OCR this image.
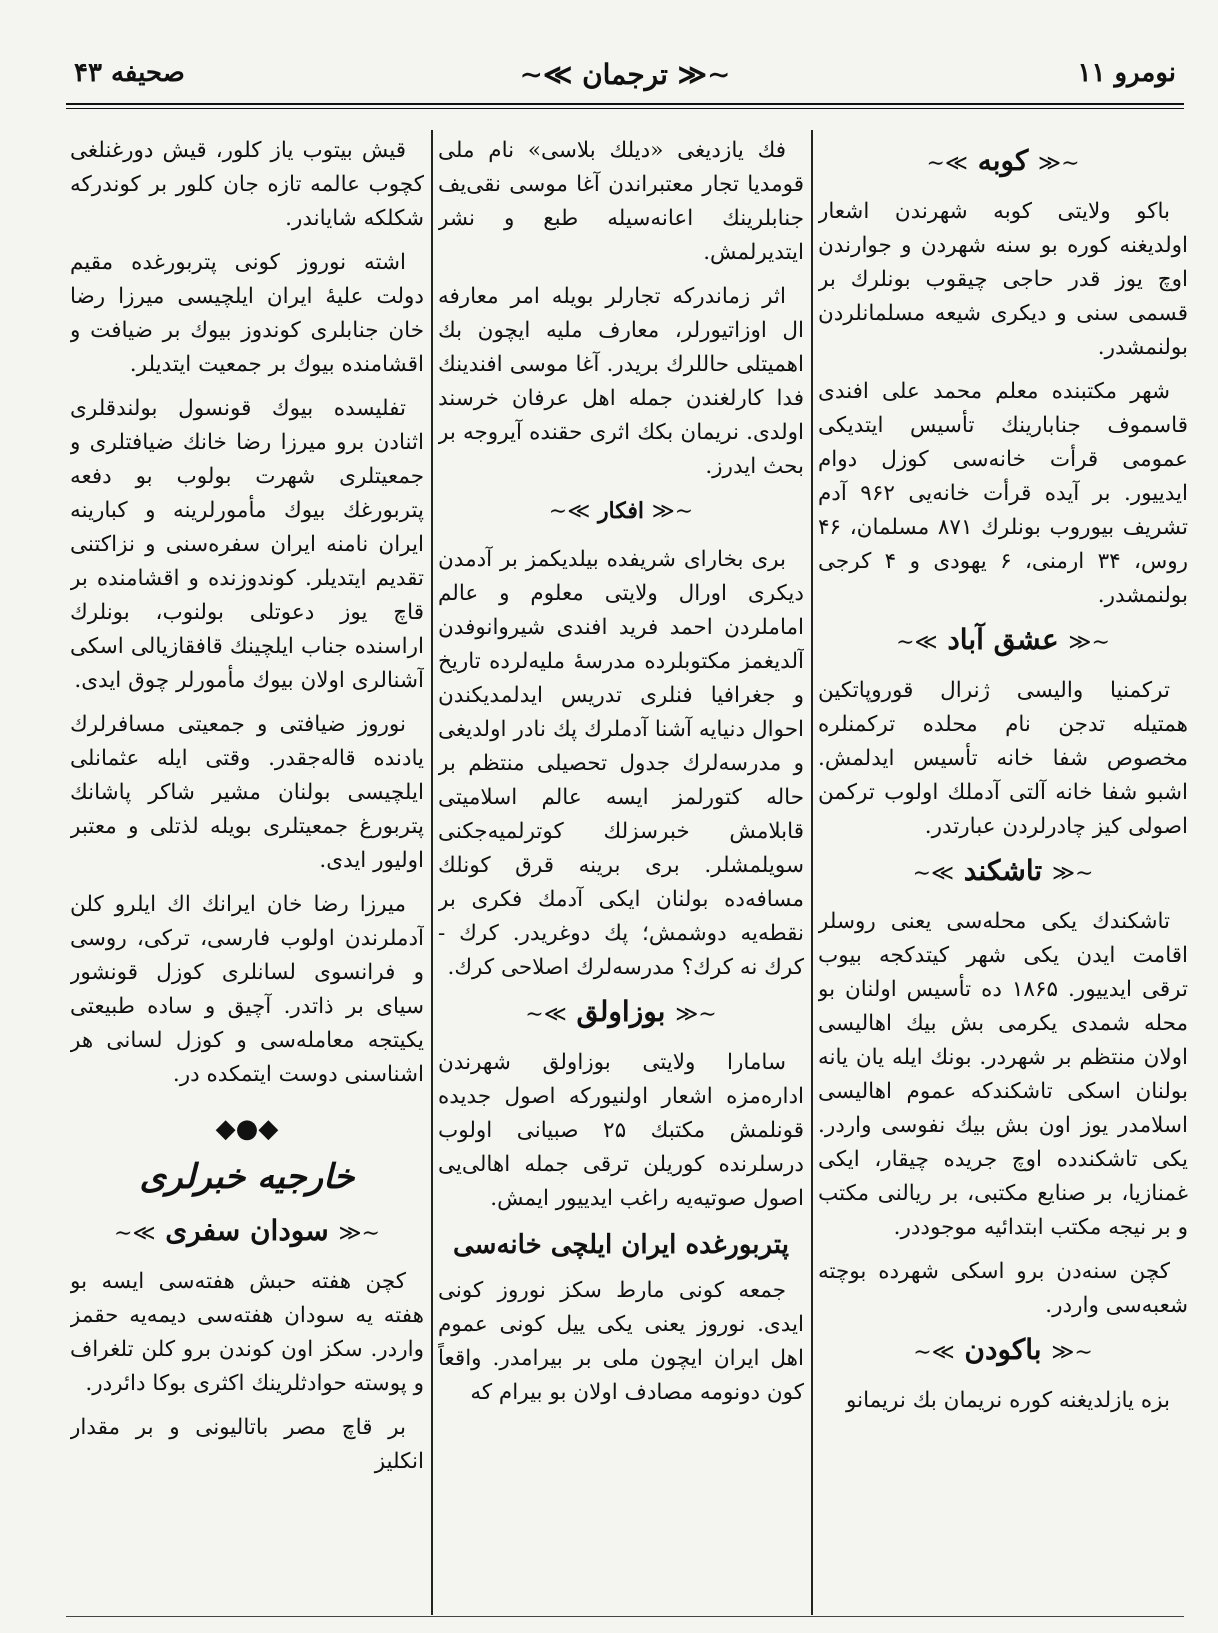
نومرو ۱۱
∽≪ ترجمان ≫∽
صحیفه ۴۳
∽≪ کوبه ≫∽

باکو ولایتی کوبه شهرندن اشعار اولدیغنه کوره بو سنه شهردن و جوارندن اوچ یوز قدر حاجی چیقوب بونلرك بر قسمی سنی و دیکری شیعه مسلمانلردن بولنمشدر.

شهر مکتبنده معلم محمد علی افندی قاسموف جنابارینك تأسیس ایتدیکی عمومی قرأت خانه‌سی کوزل دوام ایدییور. بر آیده قرأت خانه‌یی ۹۶۲ آدم تشریف بیوروب بونلرك ۸۷۱ مسلمان، ۴۶ روس، ۳۴ ارمنی، ۶ یهودی و ۴ کرجی بولنمشدر.

∽≪ عشق آباد ≫∽

ترکمنیا والیسی ژنرال قوروپاتکین همتیله تدجن نام محلده ترکمنلره مخصوص شفا خانه تأسیس ایدلمش. اشبو شفا خانه آلتی آدملك اولوب ترکمن اصولی کیز چادرلردن عبارتدر.

∽≪ تاشکند ≫∽

تاشکندك یکی محله‌سی یعنی روسلر اقامت ایدن یکی شهر کیتدکجه بیوب ترقی ایدییور. ۱۸۶۵ ده تأسیس اولنان بو محله شمدی یکرمی بش بیك اهالیسی اولان منتظم بر شهردر. بونك ایله یان یانه بولنان اسکی تاشکندکه عموم اهالیسی اسلامدر یوز اون بش بیك نفوسی واردر. یکی تاشکندده اوچ جریده چیقار، ایکی غمنازیا، بر صنایع مکتبی، بر ریالنی مکتب و بر نیجه مکتب ابتدائیه موجوددر.

کچن سنه‌دن برو اسکی شهرده بوچته شعبه‌سی واردر.

∽≪ باکودن ≫∽

بزه یازلدیغنه کوره نریمان بك نریمانو

فك یازدیغی «دیلك بلاسی» نام ملی قومدیا تجار معتبراندن آغا موسی نقی‌یف جنابلرینك اعانه‌سیله طبع و نشر ایتدیرلمش.

اثر زماندرکه تجارلر بویله امر معارفه ال اوزاتیورلر، معارف ملیه ایچون بك اهمیتلی حاللرك بریدر. آغا موسی افندینك فدا کارلغندن جمله اهل عرفان خرسند اولدی. نریمان بکك اثری حقنده آیروجه بر بحث ایدرز.

∽≪ افکار ≫∽

بری بخارای شریفده بیلدیکمز بر آدمدن دیکری اورال ولایتی معلوم و عالم اماملردن احمد فرید افندی شیروانوفدن آلدیغمز مکتوبلرده مدرسهٔ ملیه‌لرده تاریخ و جغرافیا فنلری تدریس ایدلمدیکندن احوال دنیایه آشنا آدملرك پك نادر اولدیغی و مدرسه‌لرك جدول تحصیلی منتظم بر حاله کتورلمز ایسه عالم اسلامیتی قابلامش خبرسزلك کوترلمیه‌جکنی سویلمشلر. بری برینه قرق کونلك مسافه‌ده بولنان ایکی آدمك فکری بر نقطه‌یه دوشمش؛ پك دوغریدر. کرك - کرك نه کرك؟ مدرسه‌لرك اصلاحی کرك.

∽≪ بوزاولق ≫∽

سامارا ولایتی بوزاولق شهرندن اداره‌مزه اشعار اولنیورکه اصول جدیده قونلمش مکتبك ۲۵ صبیانی اولوب درسلرنده کوریلن ترقی جمله اهالی‌یی اصول صوتیه‌یه راغب ایدییور ایمش.

پتربورغده ایران ایلچی خانه‌سی

جمعه کونی مارط سکز نوروز کونی ایدی. نوروز یعنی یکی ییل کونی عموم اهل ایران ایچون ملی بر بیرامدر. واقعاً کون دونومه مصادف اولان بو بیرام که

قیش بیتوب یاز کلور، قیش دورغنلغی کچوب عالمه تازه جان کلور بر کوندرکه شکلکه شایاندر.

اشته نوروز کونی پتربورغده مقیم دولت علیهٔ ایران ایلچیسی میرزا رضا خان جنابلری کوندوز بیوك بر ضیافت و اقشامنده بیوك بر جمعیت ایتدیلر.

تفلیسده بیوك قونسول بولندقلری اثنادن برو میرزا رضا خانك ضیافتلری و جمعیتلری شهرت بولوب بو دفعه پتربورغك بیوك مأمورلرینه و کبارینه ایران نامنه ایران سفره‌سنی و نزاکتنی تقدیم ایتدیلر. کوندوزنده و اقشامنده بر قاچ یوز دعوتلی بولنوب، بونلرك اراسنده جناب ایلچینك قافقازیالی اسکی آشنالری اولان بیوك مأمورلر چوق ایدی.

نوروز ضیافتی و جمعیتی مسافرلرك یادنده قاله‌جقدر. وقتی ایله عثمانلی ایلچیسی بولنان مشیر شاکر پاشانك پتربورغ جمعیتلری بویله لذتلی و معتبر اولیور ایدی.

میرزا رضا خان ایرانك اك ایلرو کلن آدملرندن اولوب فارسی، ترکی، روسی و فرانسوی لسانلری کوزل قونشور سیای بر ذاتدر. آچیق و ساده طبیعتی یکیتجه معامله‌سی و کوزل لسانی هر اشناسنی دوست ایتمکده در.

◆●◆
خارجیه خبرلری
∽≪ سودان سفری ≫∽

کچن هفته حبش هفته‌سی ایسه بو هفته یه سودان هفته‌سی دیمه‌یه حقمز واردر. سکز اون کوندن برو کلن تلغراف و پوسته حوادثلرینك اکثری بوکا دائردر.

بر قاچ مصر باتالیونی و بر مقدار انکلیز
